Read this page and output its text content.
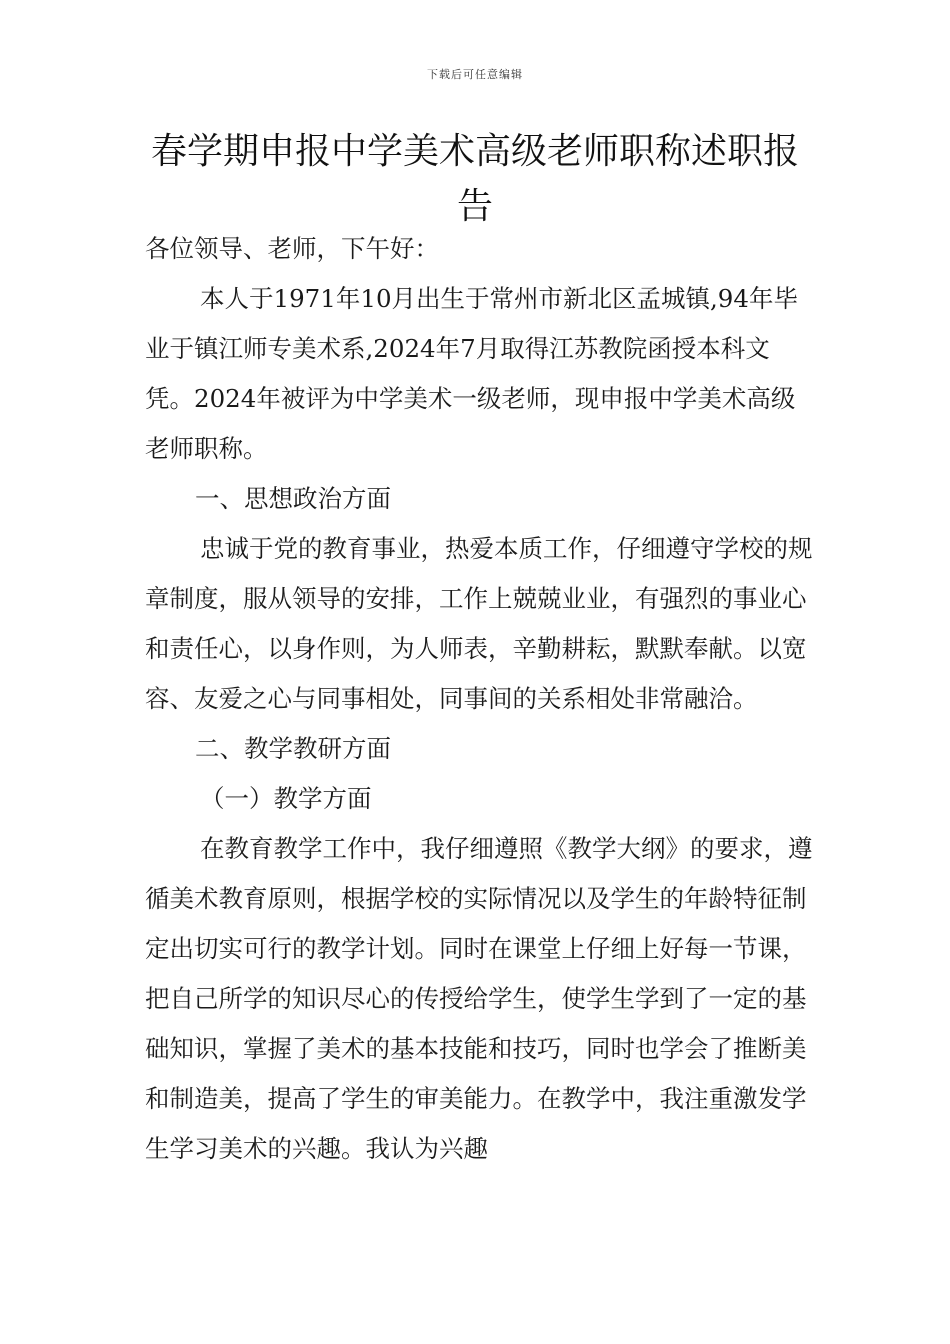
下载后可任意编辑
春学期申报中学美术高级老师职称述职报告

各位领导、老师，下午好：

本人于1971年10月出生于常州市新北区孟城镇,94年毕业于镇江师专美术系,2024年7月取得江苏教院函授本科文凭。2024年被评为中学美术一级老师，现申报中学美术高级老师职称。

一、思想政治方面

忠诚于党的教育事业，热爱本质工作，仔细遵守学校的规章制度，服从领导的安排，工作上兢兢业业，有强烈的事业心和责任心，以身作则，为人师表，辛勤耕耘，默默奉献。以宽容、友爱之心与同事相处，同事间的关系相处非常融洽。

二、教学教研方面

（一）教学方面

在教育教学工作中，我仔细遵照《教学大纲》的要求，遵循美术教育原则，根据学校的实际情况以及学生的年龄特征制定出切实可行的教学计划。同时在课堂上仔细上好每一节课，把自己所学的知识尽心的传授给学生，使学生学到了一定的基础知识，掌握了美术的基本技能和技巧，同时也学会了推断美和制造美，提高了学生的审美能力。在教学中，我注重激发学生学习美术的兴趣。我认为兴趣
